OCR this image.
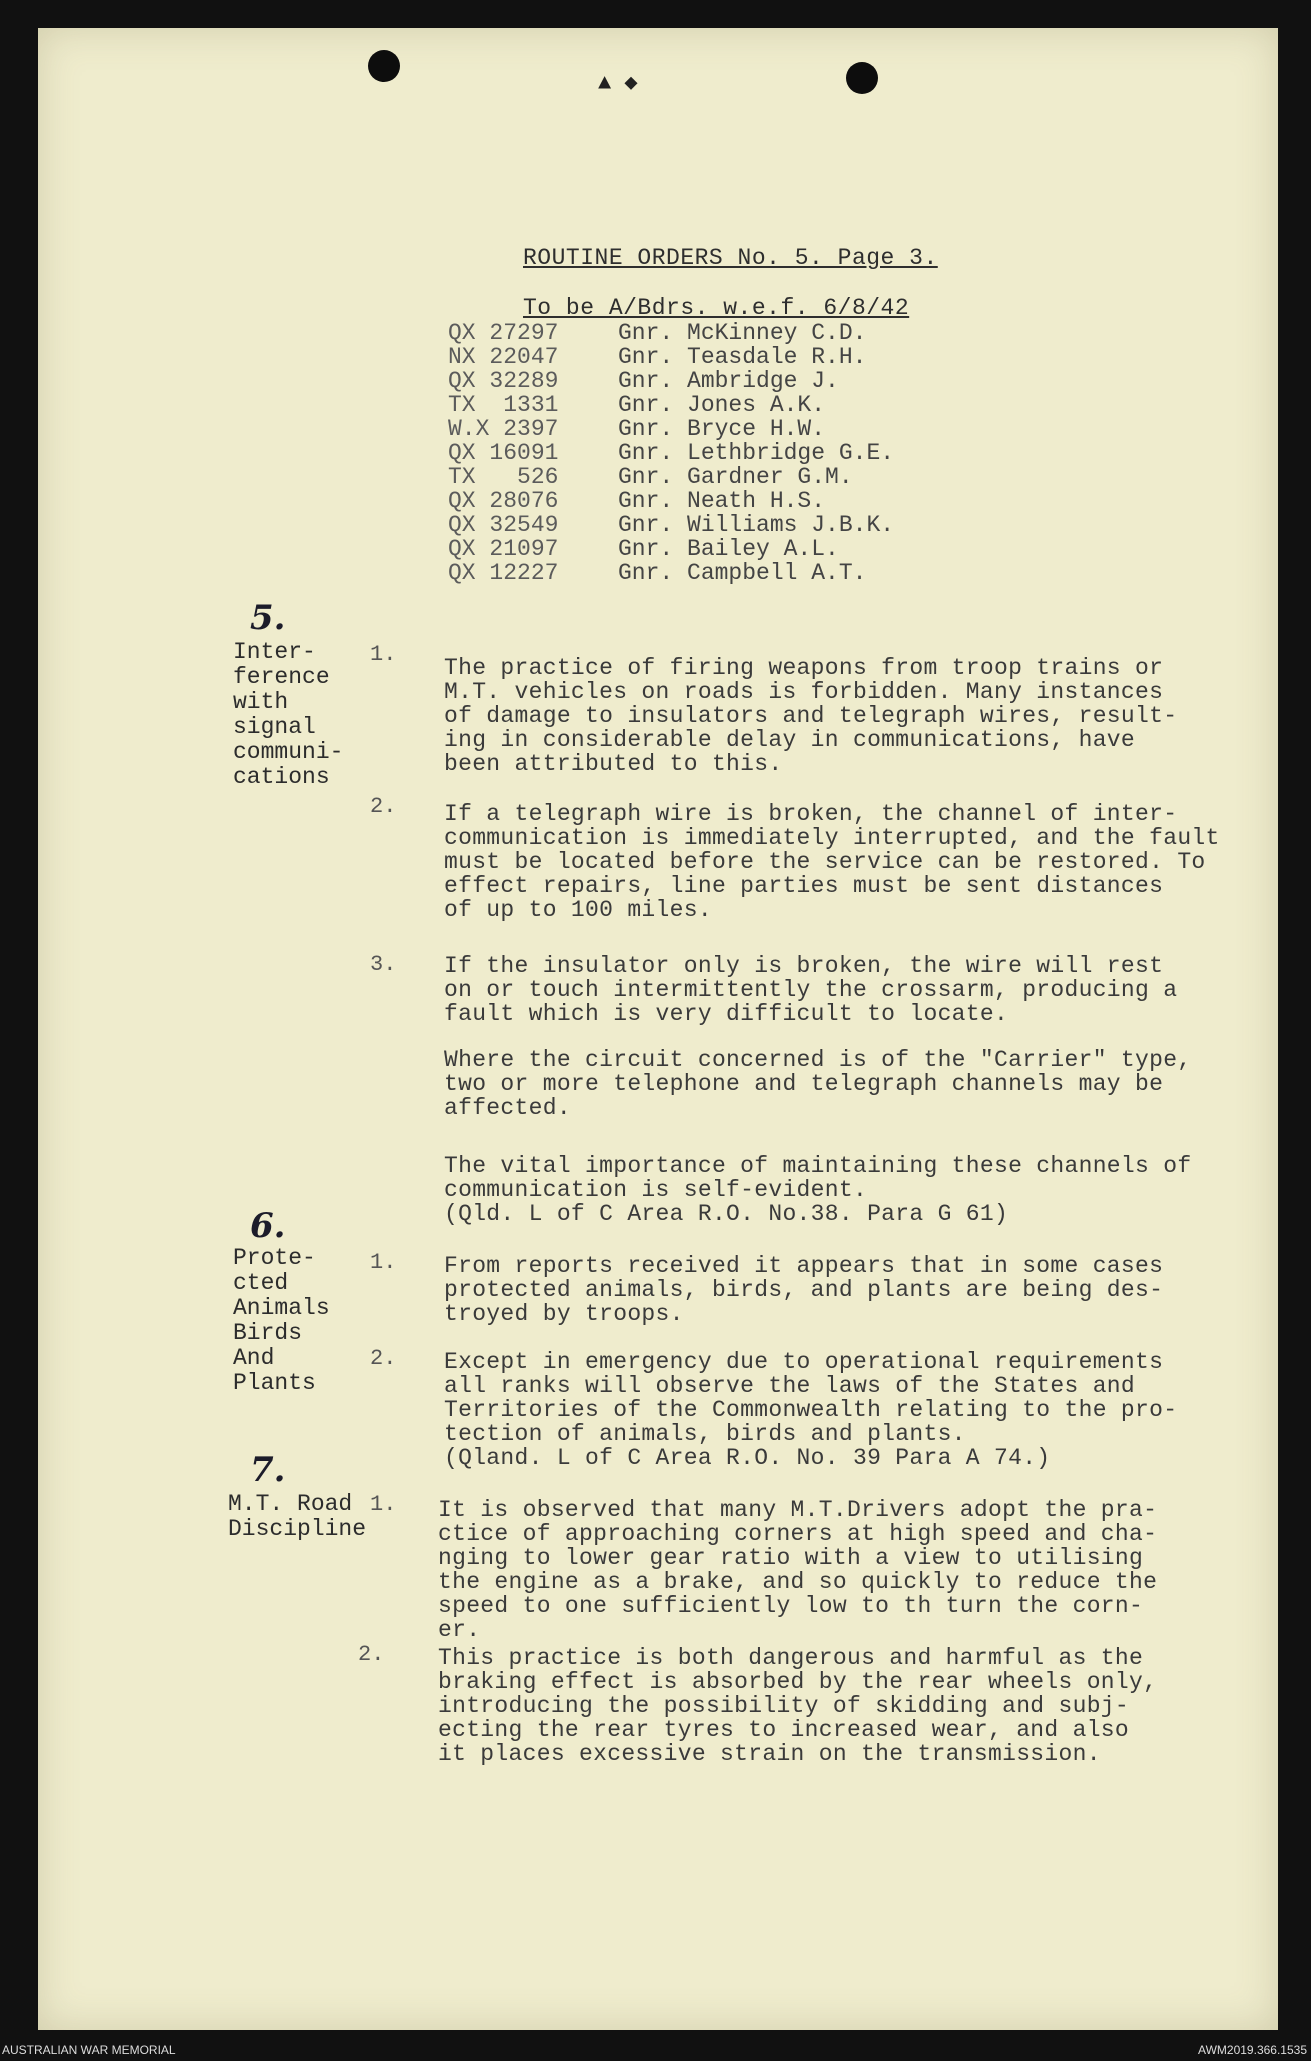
▲ ◆
ROUTINE ORDERS No. 5. Page 3.
To be A/Bdrs. w.e.f. 6/8/42
QX 27297	Gnr. McKinney C.D.
NX 22047	Gnr. Teasdale R.H.
QX 32289	Gnr. Ambridge J.
TX  1331	Gnr. Jones A.K.
W.X 2397	Gnr. Bryce H.W.
QX 16091	Gnr. Lethbridge G.E.
TX   526	Gnr. Gardner G.M.
QX 28076	Gnr. Neath H.S.
QX 32549	Gnr. Williams J.B.K.
QX 21097	Gnr. Bailey A.L.
QX 12227	Gnr. Campbell A.T.
5.
Inter-
ference
with
signal
communi-
cations
1.
The practice of firing weapons from troop trains or
M.T. vehicles on roads is forbidden. Many instances
of damage to insulators and telegraph wires, result-
ing in considerable delay in communications, have
been attributed to this.
2. If a telegraph wire is broken, the channel of inter-
communication is immediately interrupted, and the fault
must be located before the service can be restored. To
effect repairs, line parties must be sent distances
of up to 100 miles.
3. If the insulator only is broken, the wire will rest
on or touch intermittently the crossarm, producing a
fault which is very difficult to locate.
Where the circuit concerned is of the "Carrier" type,
two or more telephone and telegraph channels may be
affected.
The vital importance of maintaining these channels of
communication is self-evident.
(Qld. L of C Area R.O. No.38. Para G 61)
6.
Prote-
cted
Animals
Birds
And
Plants
1. From reports received it appears that in some cases
protected animals, birds, and plants are being des-
troyed by troops.
2. Except in emergency due to operational requirements
all ranks will observe the laws of the States and
Territories of the Commonwealth relating to the pro-
tection of animals, birds and plants.
(Qland. L of C Area R.O. No. 39 Para A 74.)
7.
M.T. Road
Discipline
1. It is observed that many M.T.Drivers adopt the pra-
ctice of approaching corners at high speed and cha-
nging to lower gear ratio with a view to utilising
the engine as a brake, and so quickly to reduce the
speed to one sufficiently low to th turn the corn-
er.
2. This practice is both dangerous and harmful as the
braking effect is absorbed by the rear wheels only,
introducing the possibility of skidding and subj-
ecting the rear tyres to increased wear, and also
it places excessive strain on the transmission.
AUSTRALIAN WAR MEMORIAL	AWM2019.366.1535
